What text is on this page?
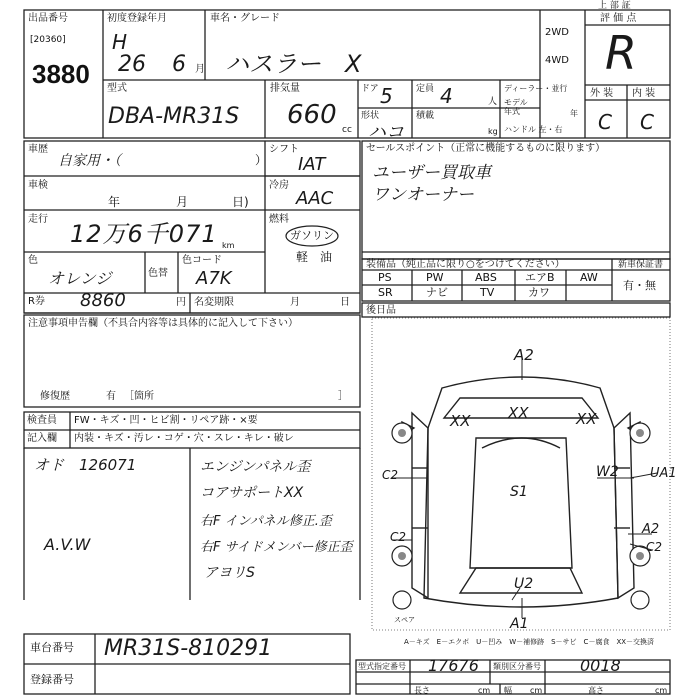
出品番号
[20360]
3880
初度登録年月
H
26 6 月
車名・グレード
ハスラー　X
2WD
4WD
評 価 点
R
外 装 内 装
C C
型式
DBA-MR31S
排気量
660 cc
ドア 5	定員 4	人
形状
ハコ
積載
kg
ディーラー・並行
モデル年式	年
ハンドル 左・右
車歴
自家用・（	）
車検
年	月	日)
走行
12万6千071 km
色
オレンジ	色替
色コード
A7K
シフト
IAT
冷房
AAC
燃料
ガソリン
軽　油
R券 8860	円 名変期限	月	日
セールスポイント（正常に機能するものに限ります）
ユーザー買取車
ワンオーナー
装備品（純正品に限り○をつけてください）	新車保証書
有・無
PS	PW	ABS	エアB AW
SR	ナビ	TV	カワ
後日品
注意事項申告欄（不具合内容等は具体的に記入して下さい）
修復歴	有 ［箇所	］
検査員
記入欄
FW・キズ・凹・ヒビ割・リペア跡・×要
内装・キズ・汚レ・コゲ・穴・スレ・キレ・破レ
オド　126071
A.V.W
エンジンパネル歪
コアサポートXX
右F インパネル修正.歪
右F サイドメンバー修正歪
アヨリS
A2
XX XX	XX
C2
C2
W2 UA1
S1
A2
C2
U2
A1
スペア
A－キズ　E－エクボ　U－凹み　W－補修跡　S－サビ　C－腐食　XX－交換済
車台番号 MR31S-810291
登録番号
型式指定番号 17676 類別区分番号 0018
長さ	cm 幅 cm	高さ	cm
上 部 証
